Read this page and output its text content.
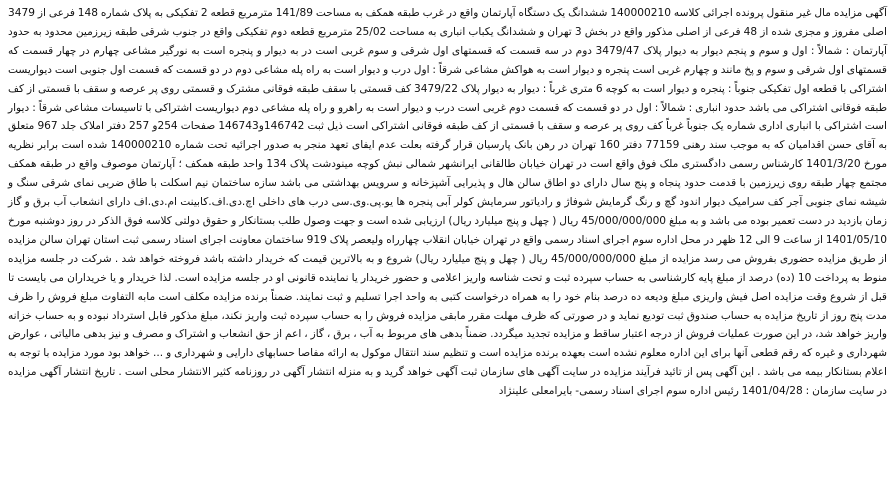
آگهی مزایده مال غیر منقول پرونده اجرائی کلاسه 140000210 ششدانگ یک دستگاه آپارتمان واقع در غرب طبقه همکف به مساحت 141/89 مترمربع قطعه 2 تفکیکی به پلاک شماره 148 فرعی از 3479 اصلی مفروز و مجزی شده از 48 فرعی از اصلی مذکور واقع در بخش 3 تهران و ششدانگ یکباب انباری به مساحت 25/02 مترمربع قطعه دوم تفکیکی واقع در جنوب شرقی طبقه زیرزمین محدود به حدود آپارتمان : شمالاً : اول و سوم و پنجم دیوار به دیوار پلاک 3479/47 دوم در سه قسمت که قسمتهای اول شرقی و سوم غربی است در به دیوار و پنجره است به نورگیر مشاعی چهارم در چهار قسمت که قسمتهای اول شرقی و سوم و پخ مانند و چهارم غربی است پنجره و دیوار است به هواکش مشاعی شرقاً : اول درب و دیوار است به راه پله مشاعی دوم در دو قسمت که قسمت اول جنوبی است دیواریست اشتراکی با قطعه اول تفکیکی جنوباً : پنجره و دیوار است به کوچه 6 متری غرباً : دیوار به دیوار پلاک 3479/22 کف قسمتی با سقف طبقه فوقانی مشترک و قسمتی روی پر عرصه و سقف با قسمتی از کف طبقه فوقانی اشتراکی می باشد حدود انباری : شمالاً : اول در دو قسمت که قسمت دوم غربی است درب و دیوار است به راهرو و راه پله مشاعی دوم دیواریست اشتراکی با تاسیسات مشاعی شرقاً : دیوار است اشتراکی با انباری اداری شماره یک جنوباً غرباً کف روی پر عرصه و سقف با قسمتی از کف طبقه فوقانی اشتراکی است ذیل ثبت 146742و146743 صفحات 254و 257 دفتر املاک جلد 967 متعلق به آقای حسن اقدامیان که به موجب سند رهنی 77159 دفتر 160 تهران در رهن بانک پارسیان قرار گرفته بعلت عدم ایفای تعهد منجر به صدور اجرائیه تحت شماره 140000210 شده است برابر نظریه مورخ 1401/3/20 کارشناس رسمی دادگستری ملک فوق واقع است در تهران خیابان طالقانی ایرانشهر شمالی نبش کوچه مینودشت پلاک 134 واحد طبقه همکف ؛ آپارتمان موصوف واقع در طبقه همکف مجتمع چهار طبقه روی زیرزمین با قدمت حدود پنجاه و پنج سال دارای دو اطاق سالن هال و پذیرایی آشپزخانه و سرویس بهداشتی می باشد سازه ساختمان نیم اسکلت با طاق ضربی نمای شرقی سنگ و شیشه نمای جنوبی آجر کف سرامیک دیوار اندود گچ و رنگ گرمایش شوفاژ و رادیاتور سرمایش کولر آبی پنجره ها یو.پی.وی.سی درب های داخلی اچ.دی.اف.کابینت ام.دی.اف دارای انشعاب آب برق و گاز زمان بازدید در دست تعمیر بوده می باشد و به مبلغ 45/000/000/000 ریال ( چهل و پنج میلیارد ریال) ارزیابی شده است و جهت وصول طلب بستانکار و حقوق دولتی کلاسه فوق الذکر در روز دوشنبه مورخ 1401/05/10 از ساعت 9 الی 12 ظهر در محل اداره سوم اجرای اسناد رسمی واقع در تهران خیابان انقلاب چهارراه ولیعصر پلاک 919 ساختمان معاونت اجرای اسناد رسمی ثبت استان تهران سالن مزایده از طریق مزایده حضوری بفروش می رسد مزایده از مبلغ 45/000/000/000 ریال ( چهل و پنج میلیارد ریال) شروع و به بالاترین قیمت که خریدار داشته باشد فروخته خواهد شد . شرکت در جلسه مزایده منوط به پرداخت 10 (ده) درصد از مبلغ پایه کارشناسی به حساب سپرده ثبت و تحت شناسه واریز اعلامی و حضور خریدار یا نماینده قانونی او در جلسه مزایده است. لذا خریدار و یا خریداران می بایست تا قبل از شروع وقت مزایده اصل فیش واریزی مبلغ ودیعه ده درصد بنام خود را به همراه درخواست کتبی به واحد اجرا تسلیم و ثبت نمایند. ضمناً برنده مزایده مکلف است مابه التفاوت مبلغ فروش را ظرف مدت پنج روز از تاریخ مزایده به حساب صندوق ثبت تودیع نماید و در صورتی که ظرف مهلت مقرر مابقی مزایده فروش را به حساب سپرده ثبت واریز نکند، مبلغ مذکور قابل استرداد نبوده و به حساب خزانه واریز خواهد شد، در این صورت عملیات فروش از درجه اعتبار ساقط و مزایده تجدید میگردد. ضمناً بدهی های مربوط به آب ، برق ، گاز ، اعم از حق انشعاب و اشتراک و مصرف و نیز بدهی مالیاتی ، عوارض شهرداری و غیره که رقم قطعی آنها برای این اداره معلوم نشده است بعهده برنده مزایده است و تنظیم سند انتقال موکول به ارائه مفاصا حسابهای دارایی و شهرداری و ... خواهد بود مورد مزایده با توجه به اعلام بستانکار بیمه می باشد . این آگهی پس از تائید فرآیند مزایده در سایت آگهی های سازمان ثبت آگهی خواهد گرید و به منزله انتشار آگهی در روزنامه کثیر الانتشار محلی است . تاریخ انتشار آگهی مزایده در سایت سازمان : 1401/04/28 رئیس اداره سوم اجرای اسناد رسمی- بایرامعلی علینژاد
